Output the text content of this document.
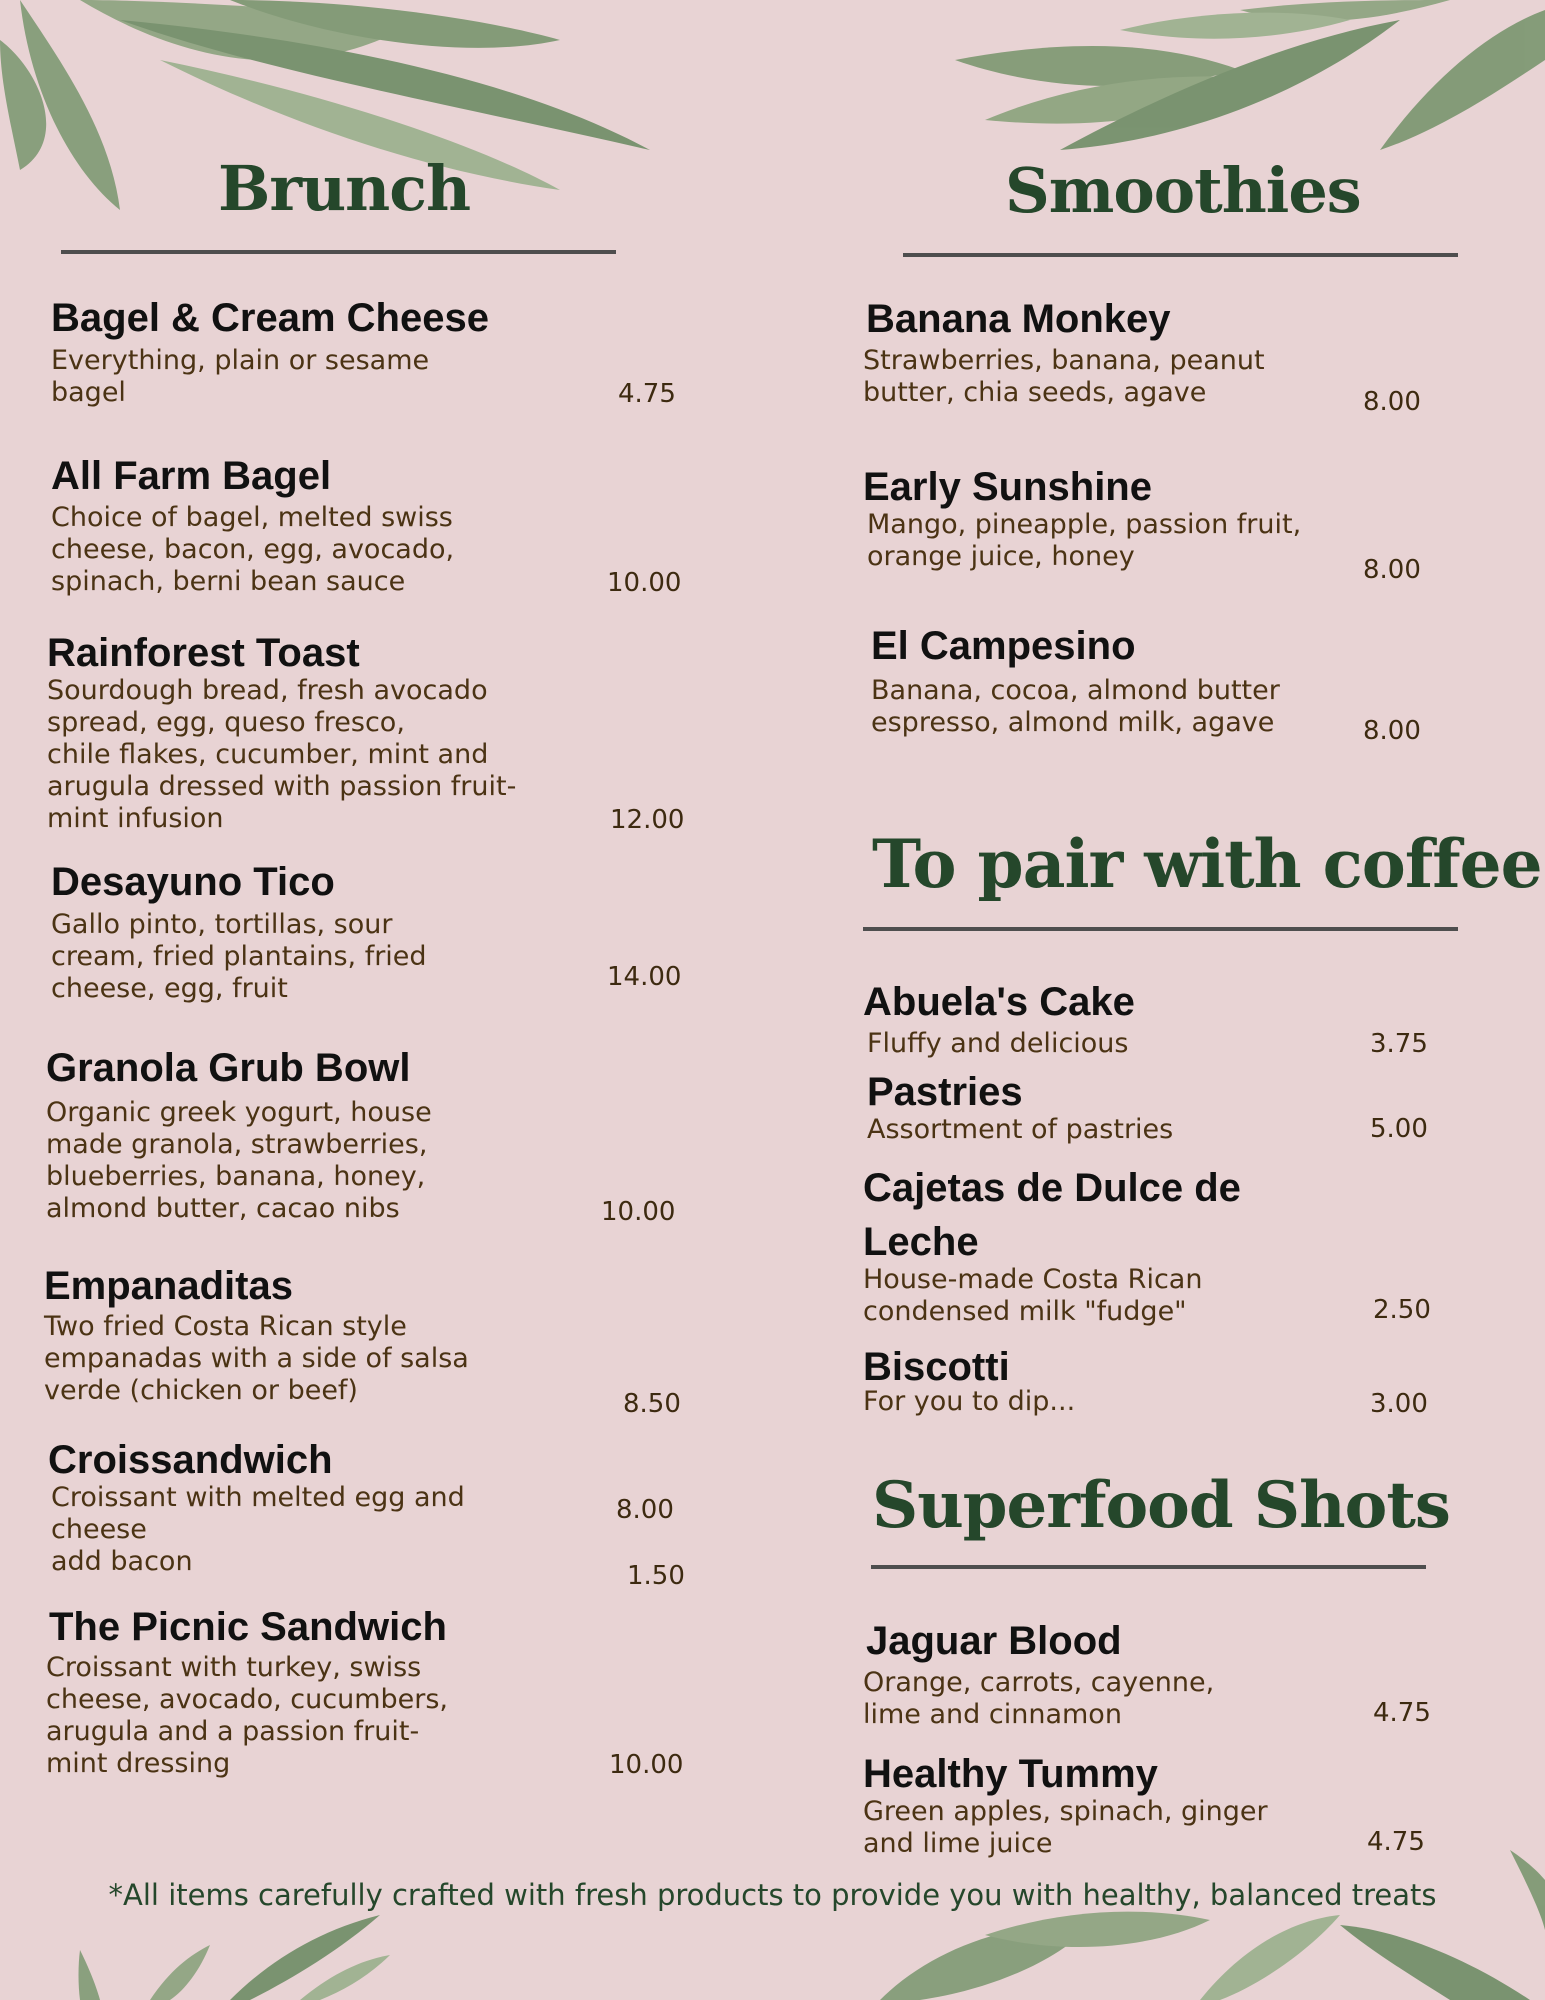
Brunch
Bagel & Cream Cheese
Everything, plain or sesame
bagel	4.75
All Farm Bagel
Choice of bagel, melted swiss
cheese, bacon, egg, avocado,
spinach, berni bean sauce	10.00
Rainforest Toast
Sourdough bread, fresh avocado
spread, egg, queso fresco,
chile flakes, cucumber, mint and
arugula dressed with passion fruit-
mint infusion	12.00
Desayuno Tico
Gallo pinto, tortillas, sour
cream, fried plantains, fried
cheese, egg, fruit	14.00
Granola Grub Bowl
Organic greek yogurt, house
made granola, strawberries,
blueberries, banana, honey,
almond butter, cacao nibs	10.00
Empanaditas
Two fried Costa Rican style
empanadas with a side of salsa
verde (chicken or beef)	8.50
Croissandwich
Croissant with melted egg and
cheese
add bacon
8.00
1.50
The Picnic Sandwich
Croissant with turkey, swiss
cheese, avocado, cucumbers,
arugula and a passion fruit-
mint dressing	10.00
Smoothies
Banana Monkey
Strawberries, banana, peanut
butter, chia seeds, agave	8.00
Early Sunshine
Mango, pineapple, passion fruit,
orange juice, honey	8.00
El Campesino
Banana, cocoa, almond butter
espresso, almond milk, agave	8.00
To pair with coffee
Abuela's Cake
Fluffy and delicious	3.75
Pastries
Assortment of pastries	5.00
Cajetas de Dulce de
Leche
House-made Costa Rican
condensed milk "fudge"	2.50
Biscotti
For you to dip...	3.00
Superfood Shots
Jaguar Blood
Orange, carrots, cayenne,
lime and cinnamon	4.75
Healthy Tummy
Green apples, spinach, ginger
and lime juice	4.75
*All items carefully crafted with fresh products to provide you with healthy, balanced treats
